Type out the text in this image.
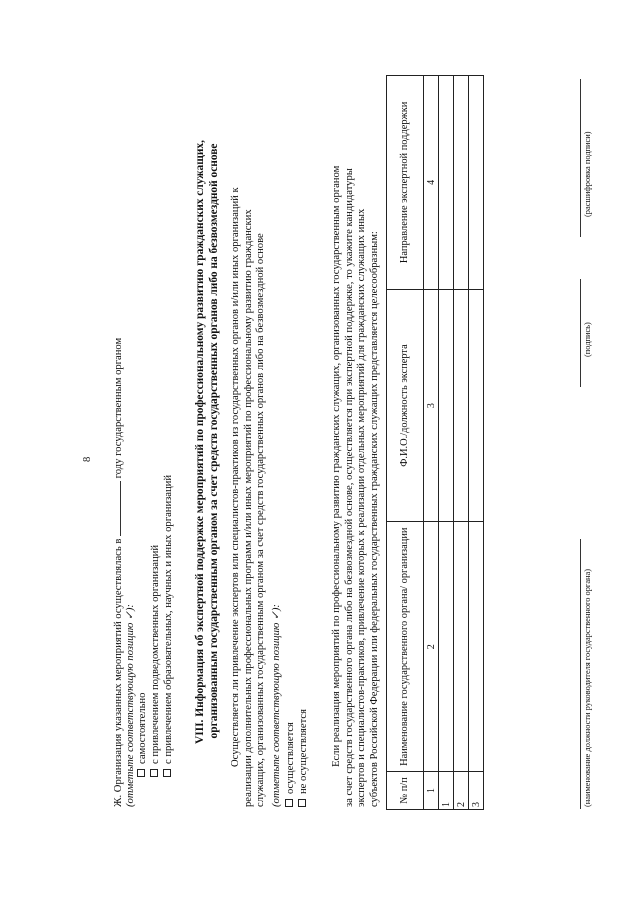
8
Ж. Организация указанных мероприятий осуществлялась в  году государственным органом
(отметьте соответствующую позицию ✓): самостоятельно с привлечением подведомственных организаций с привлечением образовательных, научных и иных организаций VIII. Информация об экспертной поддержке мероприятий по профессиональному развитию гражданских служащих, организованным государственным органом за счет средств государственных органов либо на безвозмездной основе Осуществляется ли привлечение экспертов или специалистов-практиков из государственных органов и/или иных организаций к реализации дополнительных профессиональных программ и/или иных мероприятий по профессиональному развитию гражданских служащих, организованных государственным органом за счет средств государственных органов либо на безвозмездной основе (отметьте соответствующую позицию ✓): осуществляется не осуществляется Если реализация мероприятий по профессиональному развитию гражданских служащих, организованных государственным органом за счет средств государственного органа либо на безвозмездной основе, осуществляется при экспертной поддержке, то укажите кандидатуры экспертов и специалистов-практиков, привлечение которых к реализации отдельных мероприятий для гражданских служащих иных субъектов Российской Федерации или федеральных государственных гражданских служащих представляется целесообразным: № п/п	Наименование государственного органа/ организации	Ф.И.О./должность эксперта	Направление экспертной поддержки
1	2	3	4
1			
2			
3				(наименование должности руководителя государственного органа)
(подпись)
(расшифровка подписи)
